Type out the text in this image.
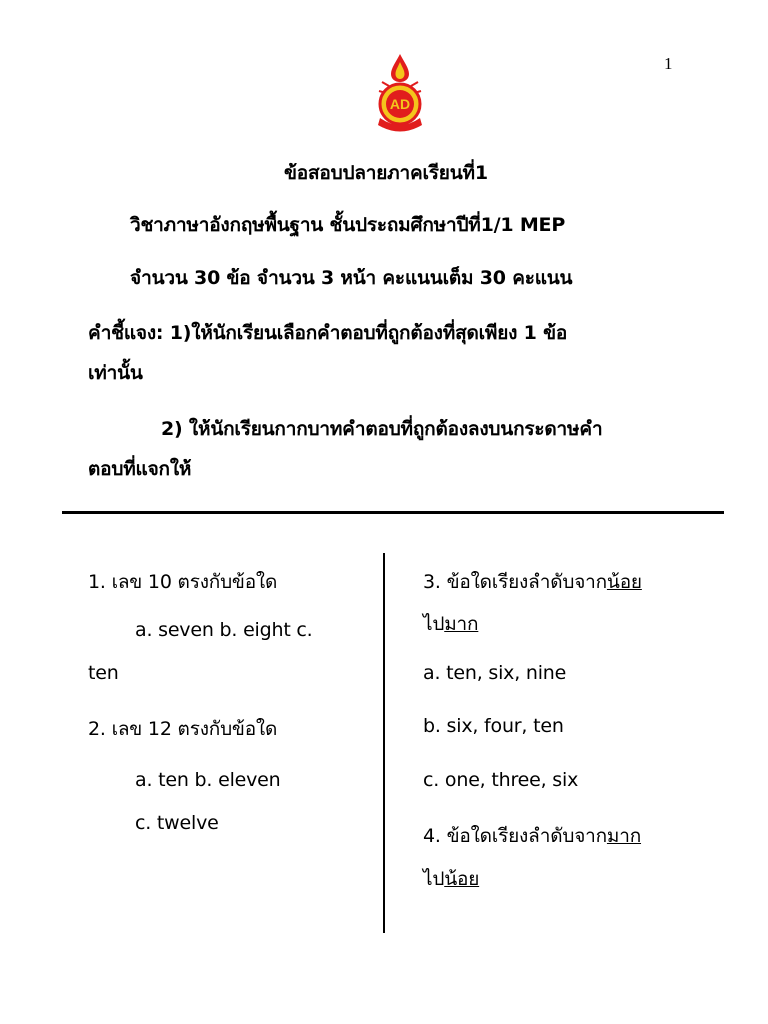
1
AD
ข้อสอบปลายภาคเรียนที่1
วิชาภาษาอังกฤษพื้นฐาน ชั้นประถมศึกษาปีที่1/1 MEP
จำนวน 30 ข้อ จำนวน 3 หน้า คะแนนเต็ม 30 คะแนน
คำชี้แจง: 1)ให้นักเรียนเลือกคำตอบที่ถูกต้องที่สุดเพียง 1 ข้อ
เท่านั้น
2) ให้นักเรียนกากบาทคำตอบที่ถูกต้องลงบนกระดาษคำ
ตอบที่แจกให้
1. เลข 10 ตรงกับข้อใด
a. seven b. eight c.
ten
2. เลข 12 ตรงกับข้อใด
a. ten b. eleven
c. twelve
3. ข้อใดเรียงลำดับจากน้อย
ไปมาก
a. ten, six, nine
b. six, four, ten
c. one, three, six
4. ข้อใดเรียงลำดับจากมาก
ไปน้อย
